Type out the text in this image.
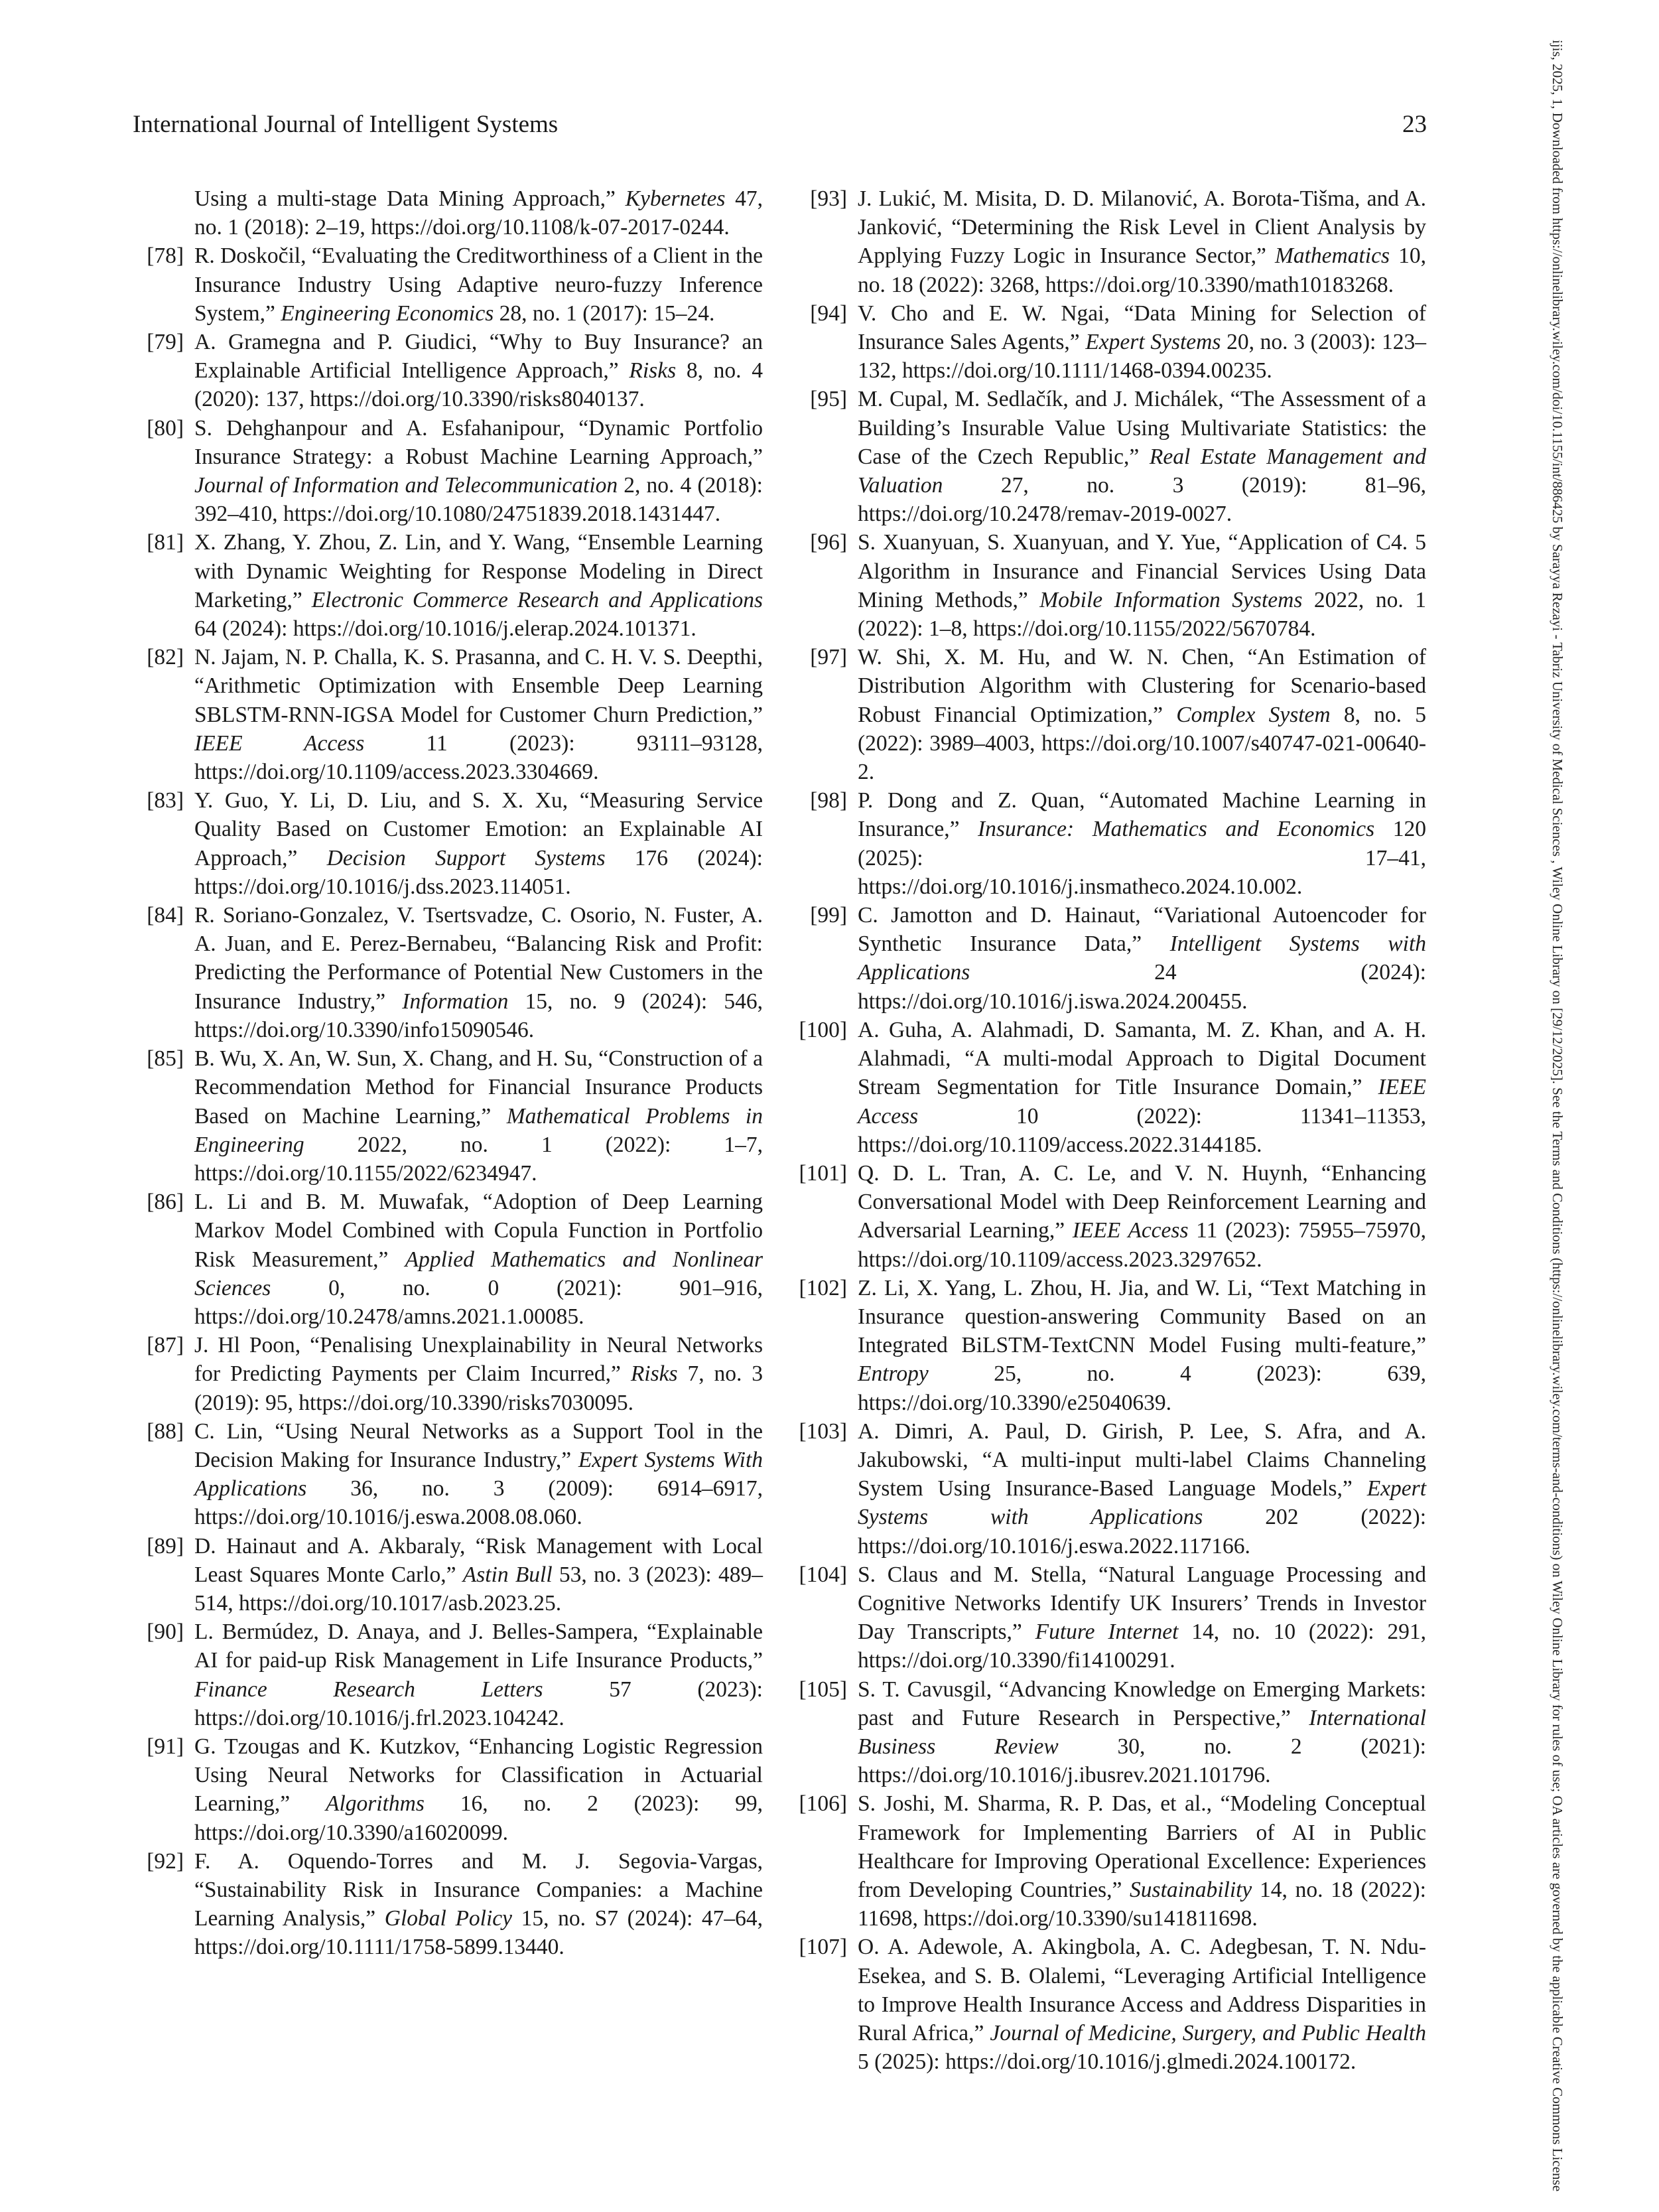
International Journal of Intelligent Systems	23
Using a multi-stage Data Mining Approach,” Kybernetes 47, no. 1 (2018): 2–19, https://doi.org/10.1108/k-07-2017-0244.
[78] R. Doskočil, “Evaluating the Creditworthiness of a Client in the Insurance Industry Using Adaptive neuro-fuzzy Inference System,” Engineering Economics 28, no. 1 (2017): 15–24.
[79] A. Gramegna and P. Giudici, “Why to Buy Insurance? an Explainable Artificial Intelligence Approach,” Risks 8, no. 4 (2020): 137, https://doi.org/10.3390/risks8040137.
[80] S. Dehghanpour and A. Esfahanipour, “Dynamic Portfolio Insurance Strategy: a Robust Machine Learning Approach,” Journal of Information and Telecommunication 2, no. 4 (2018): 392–410, https://doi.org/10.1080/24751839.2018.1431447.
[81] X. Zhang, Y. Zhou, Z. Lin, and Y. Wang, “Ensemble Learning with Dynamic Weighting for Response Modeling in Direct Marketing,” Electronic Commerce Research and Applications 64 (2024): https://doi.org/10.1016/j.elerap.2024.101371.
[82] N. Jajam, N. P. Challa, K. S. Prasanna, and C. H. V. S. Deepthi, “Arithmetic Optimization with Ensemble Deep Learning SBLSTM-RNN-IGSA Model for Customer Churn Prediction,” IEEE Access 11 (2023): 93111–93128, https://doi.org/10.1109/access.2023.3304669.
[83] Y. Guo, Y. Li, D. Liu, and S. X. Xu, “Measuring Service Quality Based on Customer Emotion: an Explainable AI Approach,” Decision Support Systems 176 (2024): https://doi.org/10.1016/j.dss.2023.114051.
[84] R. Soriano-Gonzalez, V. Tsertsvadze, C. Osorio, N. Fuster, A. A. Juan, and E. Perez-Bernabeu, “Balancing Risk and Profit: Predicting the Performance of Potential New Customers in the Insurance Industry,” Information 15, no. 9 (2024): 546, https://doi.org/10.3390/info15090546.
[85] B. Wu, X. An, W. Sun, X. Chang, and H. Su, “Construction of a Recommendation Method for Financial Insurance Products Based on Machine Learning,” Mathematical Problems in Engineering 2022, no. 1 (2022): 1–7, https://doi.org/10.1155/2022/6234947.
[86] L. Li and B. M. Muwafak, “Adoption of Deep Learning Markov Model Combined with Copula Function in Portfolio Risk Measurement,” Applied Mathematics and Nonlinear Sciences 0, no. 0 (2021): 901–916, https://doi.org/10.2478/amns.2021.1.00085.
[87] J. Hl Poon, “Penalising Unexplainability in Neural Networks for Predicting Payments per Claim Incurred,” Risks 7, no. 3 (2019): 95, https://doi.org/10.3390/risks7030095.
[88] C. Lin, “Using Neural Networks as a Support Tool in the Decision Making for Insurance Industry,” Expert Systems With Applications 36, no. 3 (2009): 6914–6917, https://doi.org/10.1016/j.eswa.2008.08.060.
[89] D. Hainaut and A. Akbaraly, “Risk Management with Local Least Squares Monte Carlo,” Astin Bull 53, no. 3 (2023): 489–514, https://doi.org/10.1017/asb.2023.25.
[90] L. Bermúdez, D. Anaya, and J. Belles-Sampera, “Explainable AI for paid-up Risk Management in Life Insurance Products,” Finance Research Letters 57 (2023): https://doi.org/10.1016/j.frl.2023.104242.
[91] G. Tzougas and K. Kutzkov, “Enhancing Logistic Regression Using Neural Networks for Classification in Actuarial Learning,” Algorithms 16, no. 2 (2023): 99, https://doi.org/10.3390/a16020099.
[92] F. A. Oquendo-Torres and M. J. Segovia-Vargas, “Sustainability Risk in Insurance Companies: a Machine Learning Analysis,” Global Policy 15, no. S7 (2024): 47–64, https://doi.org/10.1111/1758-5899.13440.
[93] J. Lukić, M. Misita, D. D. Milanović, A. Borota-Tišma, and A. Janković, “Determining the Risk Level in Client Analysis by Applying Fuzzy Logic in Insurance Sector,” Mathematics 10, no. 18 (2022): 3268, https://doi.org/10.3390/math10183268.
[94] V. Cho and E. W. Ngai, “Data Mining for Selection of Insurance Sales Agents,” Expert Systems 20, no. 3 (2003): 123–132, https://doi.org/10.1111/1468-0394.00235.
[95] M. Cupal, M. Sedlačík, and J. Michálek, “The Assessment of a Building’s Insurable Value Using Multivariate Statistics: the Case of the Czech Republic,” Real Estate Management and Valuation 27, no. 3 (2019): 81–96, https://doi.org/10.2478/remav-2019-0027.
[96] S. Xuanyuan, S. Xuanyuan, and Y. Yue, “Application of C4. 5 Algorithm in Insurance and Financial Services Using Data Mining Methods,” Mobile Information Systems 2022, no. 1 (2022): 1–8, https://doi.org/10.1155/2022/5670784.
[97] W. Shi, X. M. Hu, and W. N. Chen, “An Estimation of Distribution Algorithm with Clustering for Scenario-based Robust Financial Optimization,” Complex System 8, no. 5 (2022): 3989–4003, https://doi.org/10.1007/s40747-021-00640-2.
[98] P. Dong and Z. Quan, “Automated Machine Learning in Insurance,” Insurance: Mathematics and Economics 120 (2025): 17–41, https://doi.org/10.1016/j.insmatheco.2024.10.002.
[99] C. Jamotton and D. Hainaut, “Variational Autoencoder for Synthetic Insurance Data,” Intelligent Systems with Applications 24 (2024): https://doi.org/10.1016/j.iswa.2024.200455.
[100] A. Guha, A. Alahmadi, D. Samanta, M. Z. Khan, and A. H. Alahmadi, “A multi-modal Approach to Digital Document Stream Segmentation for Title Insurance Domain,” IEEE Access 10 (2022): 11341–11353, https://doi.org/10.1109/access.2022.3144185.
[101] Q. D. L. Tran, A. C. Le, and V. N. Huynh, “Enhancing Conversational Model with Deep Reinforcement Learning and Adversarial Learning,” IEEE Access 11 (2023): 75955–75970, https://doi.org/10.1109/access.2023.3297652.
[102] Z. Li, X. Yang, L. Zhou, H. Jia, and W. Li, “Text Matching in Insurance question-answering Community Based on an Integrated BiLSTM-TextCNN Model Fusing multi-feature,” Entropy 25, no. 4 (2023): 639, https://doi.org/10.3390/e25040639.
[103] A. Dimri, A. Paul, D. Girish, P. Lee, S. Afra, and A. Jakubowski, “A multi-input multi-label Claims Channeling System Using Insurance-Based Language Models,” Expert Systems with Applications 202 (2022): https://doi.org/10.1016/j.eswa.2022.117166.
[104] S. Claus and M. Stella, “Natural Language Processing and Cognitive Networks Identify UK Insurers’ Trends in Investor Day Transcripts,” Future Internet 14, no. 10 (2022): 291, https://doi.org/10.3390/fi14100291.
[105] S. T. Cavusgil, “Advancing Knowledge on Emerging Markets: past and Future Research in Perspective,” International Business Review 30, no. 2 (2021): https://doi.org/10.1016/j.ibusrev.2021.101796.
[106] S. Joshi, M. Sharma, R. P. Das, et al., “Modeling Conceptual Framework for Implementing Barriers of AI in Public Healthcare for Improving Operational Excellence: Experiences from Developing Countries,” Sustainability 14, no. 18 (2022): 11698, https://doi.org/10.3390/su141811698.
[107] O. A. Adewole, A. Akingbola, A. C. Adegbesan, T. N. Ndu-Esekea, and S. B. Olalemi, “Leveraging Artificial Intelligence to Improve Health Insurance Access and Address Disparities in Rural Africa,” Journal of Medicine, Surgery, and Public Health 5 (2025): https://doi.org/10.1016/j.glmedi.2024.100172.	ijis, 2025, 1, Downloaded from https://onlinelibrary.wiley.com/doi/10.1155/int/886425 by Sarayya Rezayi - Tabriz University of Medical Sciences , Wiley Online Library on [29/12/2025]. See the Terms and Conditions (https://onlinelibrary.wiley.com/terms-and-conditions) on Wiley Online Library for rules of use; OA articles are governed by the applicable Creative Commons License
